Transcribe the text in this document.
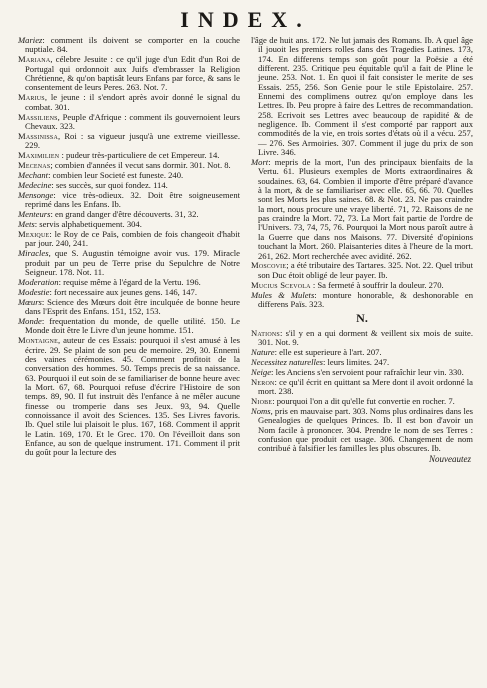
INDEX.
Mariez: comment ils doivent se comporter en la couche nuptiale. 84.
Mariana, célebre Jesuite : ce qu'il juge d'un Edit d'un Roi de Portugal qui ordonnoit aux Juifs d'embrasser la Religion Chrétienne, & qu'on baptisât leurs Enfans par force, & sans le consentement de leurs Peres. 263. Not. 7.
Marius, le jeune : il s'endort après avoir donné le signal du combat. 301.
Massiliens, Peuple d'Afrique : comment ils gouvernoient leurs Chevaux. 323.
Massinissa, Roi : sa vigueur jusqu'à une extreme vieillesse. 229.
Maximilien : pudeur très-particuliere de cet Empereur. 14.
Mecenas; combien d'années il vecut sans dormir. 301. Not. 8.
Mechant: combien leur Societé est funeste. 240.
Medecine: ses succès, sur quoi fondez. 114.
Mensonge: vice très-odieux. 32. Doit être soigneusement reprimé dans les Enfans. Ib.
Menteurs: en grand danger d'être découverts. 31, 32.
Mets: servis alphabetiquement. 304.
Mexique: le Roy de ce Païs, combien de fois changeoit d'habit par jour. 240, 241.
Miracles, que S. Augustin témoigne avoir vus. 179. Miracle produit par un peu de Terre prise du Sepulchre de Notre Seigneur. 178. Not. 11.
Moderation: requise même à l'égard de la Vertu. 196.
Modestie: fort necessaire aux jeunes gens. 146, 147.
Mœurs: Science des Mœurs doit être inculquée de bonne heure dans l'Esprit des Enfans. 151, 152, 153.
Monde: frequentation du monde, de quelle utilité. 150. Le Monde doit être le Livre d'un jeune homme. 151.
Montaigne, auteur de ces Essais: pourquoi il s'est amusé à les écrire. 29. Se plaint de son peu de memoire. 29, 30. Ennemi des vaines cérémonies. 45. Comment profitoit de la conversation des hommes. 50. Temps precis de sa naissance. 63. Pourquoi il eut soin de se familiariser de bonne heure avec la Mort. 67, 68. Pourquoi refuse d'écrire l'Histoire de son temps. 89, 90. Il fut instruit dès l'enfance à ne mêler aucune finesse ou tromperie dans ses Jeux. 93, 94. Quelle connoissance il avoit des Sciences. 135. Ses Livres favoris. Ib. Quel stile lui plaisoit le plus. 167, 168. Comment il apprit le Latin. 169, 170. Et le Grec. 170. On l'éveilloit dans son Enfance, au son de quelque instrument. 171. Comment il prit du goût pour la lecture des
l'âge de huit ans. 172. Ne lut jamais des Romans. Ib. A quel âge il jouoit les premiers rolles dans des Tragedies Latines. 173, 174. En differens temps son goût pour la Poësie a été different. 235. Critique peu équitable qu'il a fait de Pline le jeune. 253. Not. 1. En quoi il fait consister le merite de ses Essais. 255, 256. Son Genie pour le stile Epistolaire. 257. Ennemi des complimens outrez qu'on employe dans les Lettres. Ib. Peu propre à faire des Lettres de recommandation. 258. Ecrivoit ses Lettres avec beaucoup de rapidité & de negligence. Ib. Comment il s'est comporté par rapport aux commodités de la vie, en trois sortes d'états où il a vécu. 257, — 276. Ses Armoiries. 307. Comment il juge du prix de son Livre. 346.
Mort: mepris de la mort, l'un des principaux bienfaits de la Vertu. 61. Plusieurs exemples de Morts extraordinaires & soudaines. 63, 64. Combien il importe d'être préparé d'avance à la mort, & de se familiariser avec elle. 65, 66. 70. Quelles sont les Morts les plus saines. 68. & Not. 23. Ne pas craindre la mort, nous procure une vraye liberté. 71, 72. Raisons de ne pas craindre la Mort. 72, 73. La Mort fait partie de l'ordre de l'Univers. 73, 74, 75, 76. Pourquoi la Mort nous paroît autre à la Guerre que dans nos Maisons. 77. Diversité d'opinions touchant la Mort. 260. Plaisanteries dites à l'heure de la mort. 261, 262. Mort recherchée avec avidité. 262.
Moscovie; a été tributaire des Tartares. 325. Not. 22. Quel tribut son Duc étoit obligé de leur payer. Ib.
Mucius Scevola : Sa fermeté à souffrir la douleur. 270.
Mules & Mulets: monture honorable, & deshonorable en differens Païs. 323.
N.
Nations: s'il y en a qui dorment & veillent six mois de suite. 301. Not. 9.
Nature: elle est superieure à l'art. 207.
Necessitez naturelles: leurs limites. 247.
Neige: les Anciens s'en servoient pour rafraîchir leur vin. 330.
Neron: ce qu'il écrit en quittant sa Mere dont il avoit ordonné la mort. 238.
Niobe: pourquoi l'on a dit qu'elle fut convertie en rocher. 7.
Noms, pris en mauvaise part. 303. Noms plus ordinaires dans les Genealogies de quelques Princes. Ib. Il est bon d'avoir un Nom facile à prononcer. 304. Prendre le nom de ses Terres : confusion que produit cet usage. 306. Changement de nom contribué à falsifier les familles les plus obscures. Ib.
Nouveautez
